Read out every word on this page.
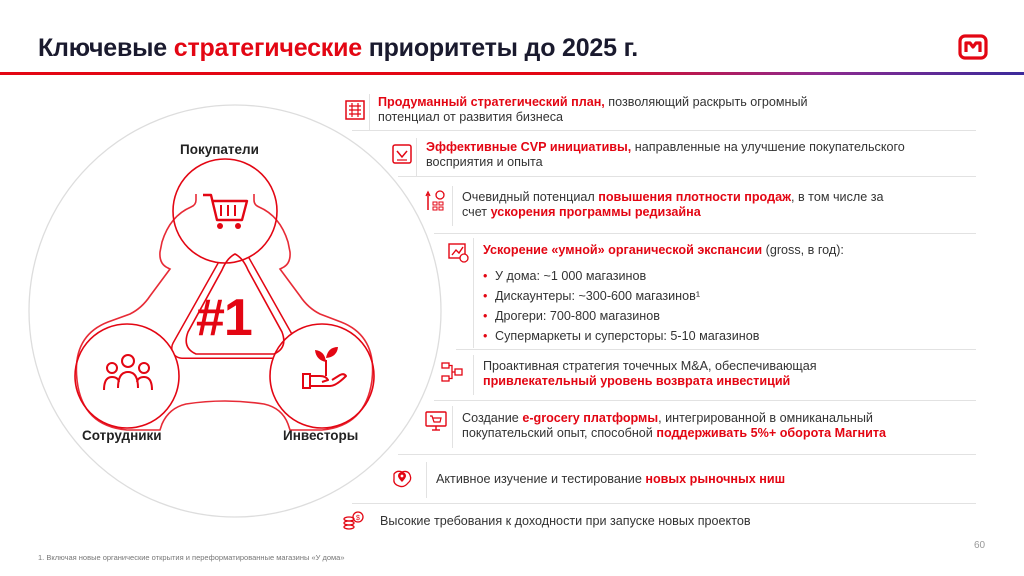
Ключевые стратегические приоритеты до 2025 г.
#1
Покупатели
Сотрудники	Инвесторы
Продуманный стратегический план, позволяющий раскрыть огромный
потенциал от развития бизнеса
Эффективные CVP инициативы, направленные на улучшение покупательского
восприятия и опыта
Очевидный потенциал повышения плотности продаж, в том числе за
счет ускорения программы редизайна
Ускорение «умной» органической экспансии (gross, в год):
• У дома: ~1 000 магазинов
• Дискаунтеры: ~300-600 магазинов¹
• Дрогери: 700-800 магазинов
• Супермаркеты и суперсторы: 5-10 магазинов
Проактивная стратегия точечных M&A, обеспечивающая
привлекательный уровень возврата инвестиций
Создание e-grocery платформы, интегрированной в омниканальный
покупательский опыт, способной поддерживать 5%+ оборота Магнита
Активное изучение и тестирование новых рыночных ниш
$ Высокие требования к доходности при запуске новых проектов
1. Включая новые органические открытия и переформатированные магазины «У дома»
60
